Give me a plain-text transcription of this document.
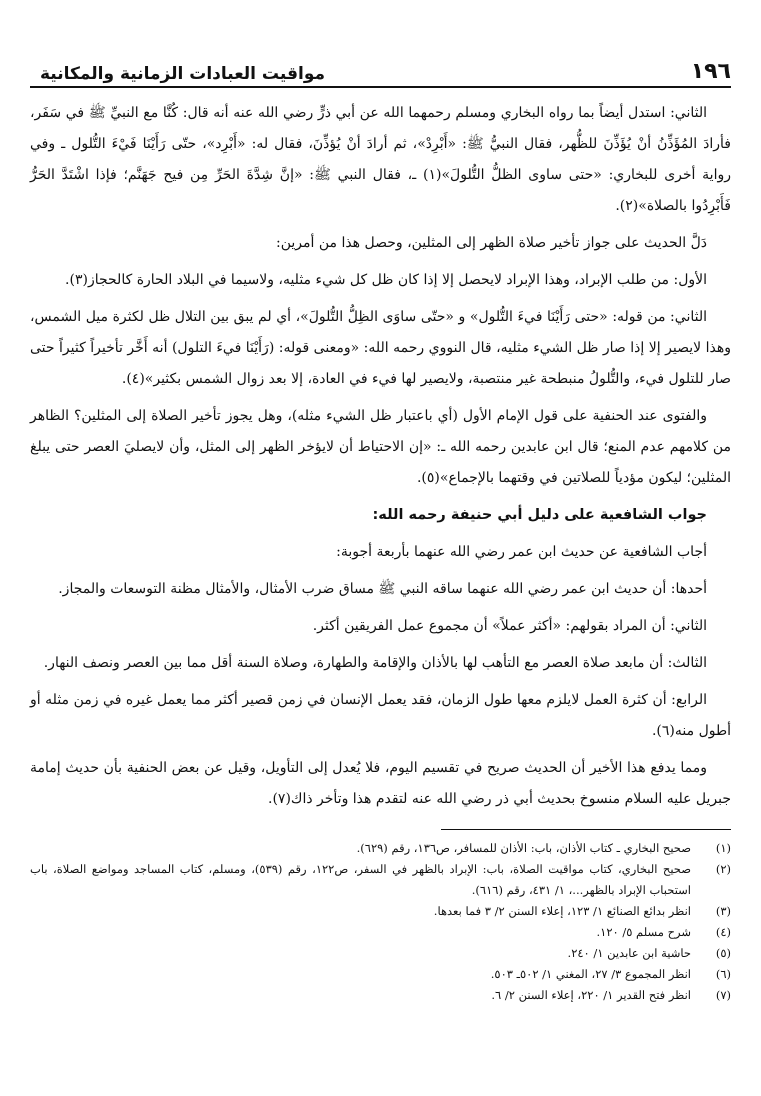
١٩٦
مواقيت العبادات الزمانية والمكانية

الثاني: استدل أيضاً بما رواه البخاري ومسلم رحمهما الله عن أبي ذرٍّ رضي الله عنه أنه قال: كُنَّا مع النبيِّ ﷺ في سَفَر، فأرادَ المُؤَذِّنُ أنْ يُؤَذِّنَ للظُّهر، فقال النبيُّ ﷺ: «أَبْرِدْ»، ثم أرادَ أنْ يُؤذِّنَ، فقال له: «أَبْرِد»، حتّى رَأَيْنَا فَيْءَ التُّلول ـ وفي رواية أخرى للبخاري: «حتى ساوى الظلُّ التُّلولَ»(١) ـ، فقال النبي ﷺ: «إنَّ شِدَّةَ الحَرِّ مِن فيح جَهَنَّم؛ فإذا اشْتَدَّ الحَرُّ فَأَبْرِدُوا بالصلاة»(٢).

دَلَّ الحديث على جواز تأخير صلاة الظهر إلى المثلين، وحصل هذا من أمرين:

الأول: من طلب الإبراد، وهذا الإبراد لايحصل إلا إذا كان ظل كل شيء مثليه، ولاسيما في البلاد الحارة كالحجاز(٣).

الثاني: من قوله: «حتى رَأَيْنَا فيءَ التُّلول» و «حتّى ساوَى الظِلُّ التُّلولَ»، أي لم يبق بين التلال ظل لكثرة ميل الشمس، وهذا لايصير إلا إذا صار ظل الشيء مثليه، قال النووي رحمه الله: «ومعنى قوله: (رَأَيْنَا فيءَ التلول) أنه أَخَّر تأخيراً كثيراً حتى صار للتلول فيء، والتُّلولُ منبطحة غير منتصبة، ولايصير لها فيء في العادة، إلا بعد زوال الشمس بكثير»(٤).

والفتوى عند الحنفية على قول الإمام الأول (أي باعتبار ظل الشيء مثله)، وهل يجوز تأخير الصلاة إلى المثلين؟ الظاهر من كلامهم عدم المنع؛ قال ابن عابدين رحمه الله ـ: «إن الاحتياط أن لايؤخر الظهر إلى المثل، وأن لايصليَ العصر حتى يبلغ المثلين؛ ليكون مؤدياً للصلاتين في وقتهما بالإجماع»(٥).

جواب الشافعية على دليل أبي حنيفة رحمه الله:

أجاب الشافعية عن حديث ابن عمر رضي الله عنهما بأربعة أجوبة:

أحدها: أن حديث ابن عمر رضي الله عنهما ساقه النبي ﷺ مساق ضرب الأمثال، والأمثال مظنة التوسعات والمجاز.

الثاني: أن المراد بقولهم: «أكثر عملاً» أن مجموع عمل الفريقين أكثر.

الثالث: أن مابعد صلاة العصر مع التأهب لها بالأذان والإقامة والطهارة، وصلاة السنة أقل مما بين العصر ونصف النهار.

الرابع: أن كثرة العمل لايلزم معها طول الزمان، فقد يعمل الإنسان في زمن قصير أكثر مما يعمل غيره في زمن مثله أو أطول منه(٦).

ومما يدفع هذا الأخير أن الحديث صريح في تقسيم اليوم، فلا يُعدل إلى التأويل، وقيل عن بعض الحنفية بأن حديث إمامة جبريل عليه السلام منسوخ بحديث أبي ذر رضي الله عنه لتقدم هذا وتأخر ذاك(٧).

(١)
صحيح البخاري ـ كتاب الأذان، باب: الأذان للمسافر، ص١٣٦، رقم (٦٢٩).
(٢)
صحيح البخاري، كتاب مواقيت الصلاة، باب: الإبراد بالظهر في السفر، ص١٢٢، رقم (٥٣٩)، ومسلم، كتاب المساجد ومواضع الصلاة، باب استحباب الإبراد بالظهر...، ١/ ٤٣١، رقم (٦١٦).
(٣)
انظر بدائع الصنائع ١/ ١٢٣، إعلاء السنن ٢/ ٣ فما بعدها.
(٤)
شرح مسلم ٥/ ١٢٠.
(٥)
حاشية ابن عابدين ١/ ٢٤٠.
(٦)
انظر المجموع ٣/ ٢٧، المغني ١/ ٥٠٢ـ ٥٠٣.
(٧)
انظر فتح القدير ١/ ٢٢٠، إعلاء السنن ٢/ ٦.
